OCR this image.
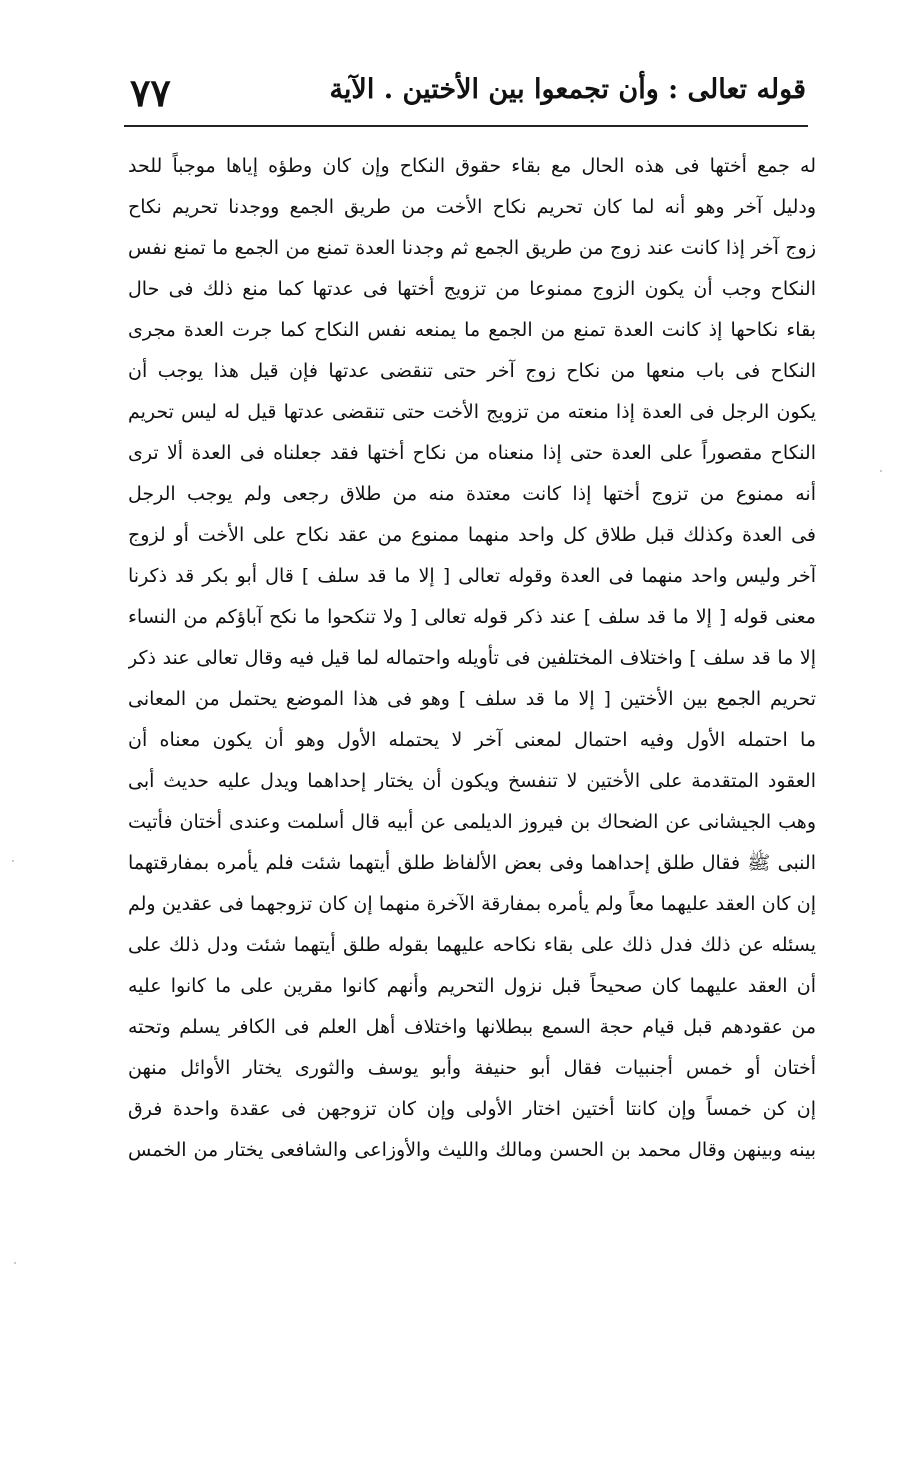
قوله تعالى : وأن تجمعوا بين الأختين . الآية
٧٧
له جمع أختها فى هذه الحال مع بقاء حقوق النكاح وإن كان وطؤه إياها موجباً للحد
ودليل آخر وهو أنه لما كان تحريم نكاح الأخت من طريق الجمع ووجدنا تحريم نكاح
زوج آخر إذا كانت عند زوج من طريق الجمع ثم وجدنا العدة تمنع من الجمع ما تمنع نفس
النكاح وجب أن يكون الزوج ممنوعا من تزويج أختها فى عدتها كما منع ذلك فى حال
بقاء نكاحها إذ كانت العدة تمنع من الجمع ما يمنعه نفس النكاح كما جرت العدة مجرى
النكاح فى باب منعها من نكاح زوج آخر حتى تنقضى عدتها فإن قيل هذا يوجب أن
يكون الرجل فى العدة إذا منعته من تزويج الأخت حتى تنقضى عدتها قيل له ليس تحريم
النكاح مقصوراً على العدة حتى إذا منعناه من نكاح أختها فقد جعلناه فى العدة ألا ترى
أنه ممنوع من تزوج أختها إذا كانت معتدة منه من طلاق رجعى ولم يوجب الرجل
فى العدة وكذلك قبل طلاق كل واحد منهما ممنوع من عقد نكاح على الأخت أو لزوج
آخر وليس واحد منهما فى العدة وقوله تعالى [ إلا ما قد سلف ] قال أبو بكر قد ذكرنا
معنى قوله [ إلا ما قد سلف ] عند ذكر قوله تعالى [ ولا تنكحوا ما نكح آباؤكم من النساء
إلا ما قد سلف ] واختلاف المختلفين فى تأويله واحتماله لما قيل فيه وقال تعالى عند ذكر
تحريم الجمع بين الأختين [ إلا ما قد سلف ] وهو فى هذا الموضع يحتمل من المعانى
ما احتمله الأول وفيه احتمال لمعنى آخر لا يحتمله الأول وهو أن يكون معناه أن
العقود المتقدمة على الأختين لا تنفسخ ويكون أن يختار إحداهما ويدل عليه حديث أبى
وهب الجيشانى عن الضحاك بن فيروز الديلمى عن أبيه قال أسلمت وعندى أختان فأتيت
النبى ﷺ فقال طلق إحداهما وفى بعض الألفاظ طلق أيتهما شئت فلم يأمره بمفارقتهما
إن كان العقد عليهما معاً ولم يأمره بمفارقة الآخرة منهما إن كان تزوجهما فى عقدين ولم
يسئله عن ذلك فدل ذلك على بقاء نكاحه عليهما بقوله طلق أيتهما شئت ودل ذلك على
أن العقد عليهما كان صحيحاً قبل نزول التحريم وأنهم كانوا مقرين على ما كانوا عليه
من عقودهم قبل قيام حجة السمع ببطلانها واختلاف أهل العلم فى الكافر يسلم وتحته
أختان أو خمس أجنبيات فقال أبو حنيفة وأبو يوسف والثورى يختار الأوائل منهن
إن كن خمساً وإن كانتا أختين اختار الأولى وإن كان تزوجهن فى عقدة واحدة فرق
بينه وبينهن وقال محمد بن الحسن ومالك والليث والأوزاعى والشافعى يختار من الخمس
